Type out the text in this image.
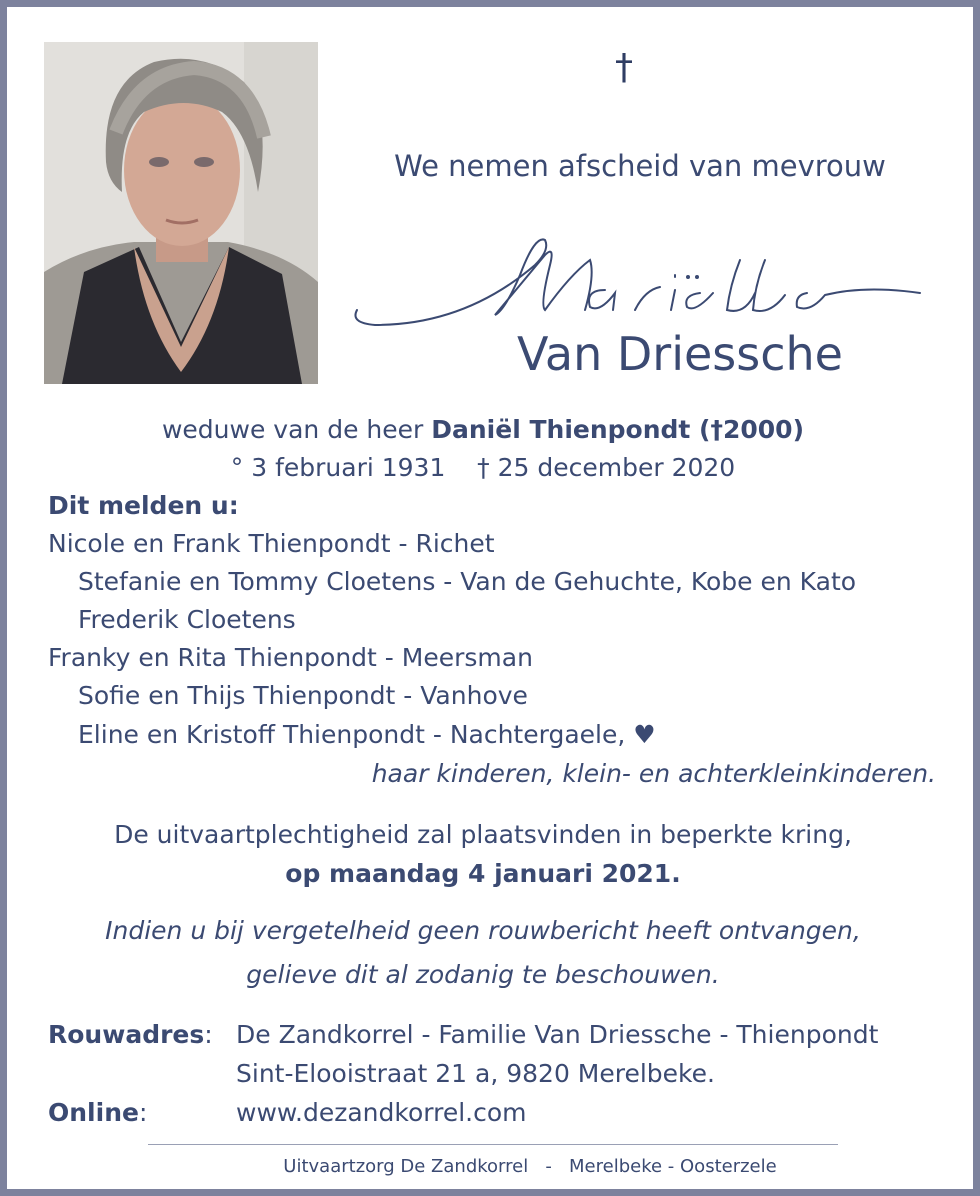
†
We nemen afscheid van mevrouw
Mariëtte
Van Driessche
weduwe van de heer Daniël Thienpondt (†2000)
° 3 februari 1931 † 25 december 2020
Dit melden u:
Nicole en Frank Thienpondt - Richet
Stefanie en Tommy Cloetens - Van de Gehuchte, Kobe en Kato
Frederik Cloetens
Franky en Rita Thienpondt - Meersman
Sofie en Thijs Thienpondt - Vanhove
Eline en Kristoff Thienpondt - Nachtergaele, ♥
haar kinderen, klein- en achterkleinkinderen.
De uitvaartplechtigheid zal plaatsvinden in beperkte kring,
op maandag 4 januari 2021.
Indien u bij vergetelheid geen rouwbericht heeft ontvangen,
gelieve dit al zodanig te beschouwen.
Rouwadres: De Zandkorrel - Familie Van Driessche - Thienpondt
Sint-Elooistraat 21 a, 9820 Merelbeke.
Online:	www.dezandkorrel.com
Uitvaartzorg De Zandkorrel   -   Merelbeke - Oosterzele
